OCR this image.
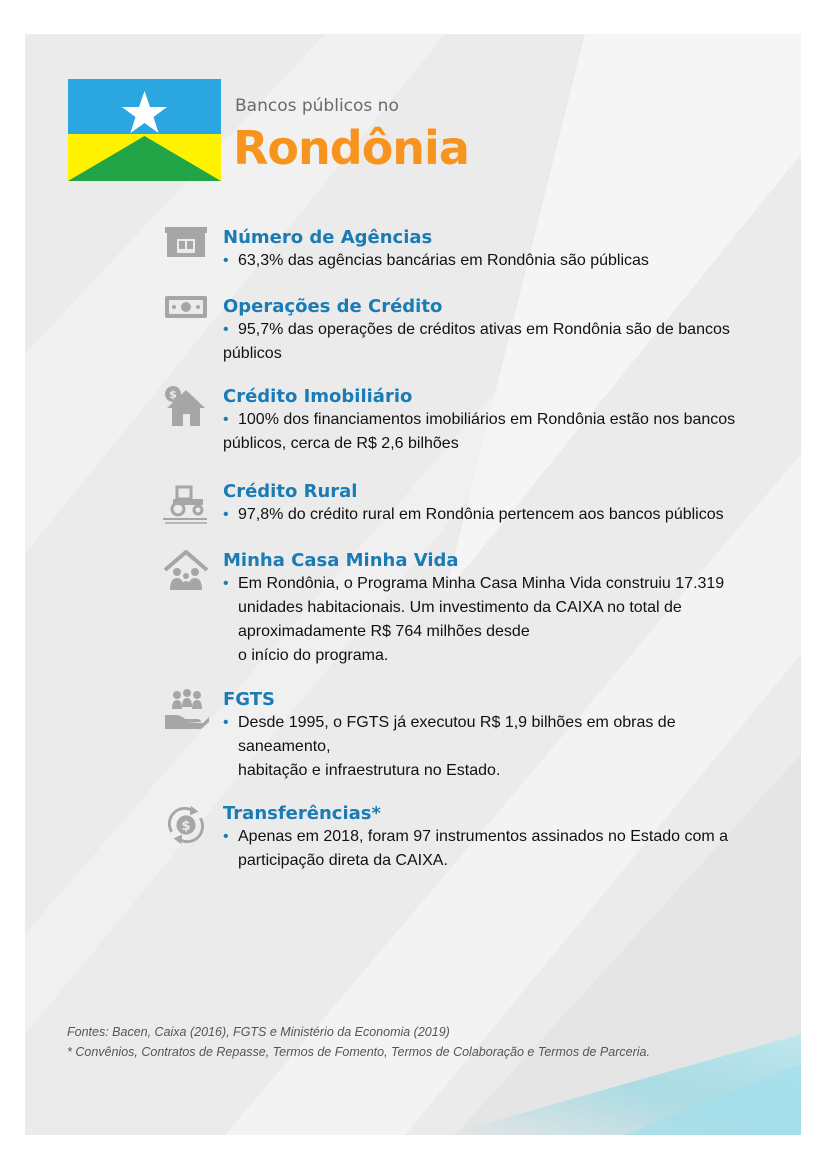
Bancos públicos no
Rondônia
Número de Agências
• 63,3% das agências bancárias em Rondônia são públicas
Operações de Crédito
• 95,7% das operações de créditos ativas em Rondônia são de bancos
públicos
$	Crédito Imobiliário
• 100% dos financiamentos imobiliários em Rondônia estão nos bancos
públicos, cerca de R$ 2,6 bilhões
Crédito Rural
• 97,8% do crédito rural em Rondônia pertencem aos bancos públicos
Minha Casa Minha Vida
• Em Rondônia, o Programa Minha Casa Minha Vida construiu 17.319
unidades habitacionais. Um investimento da CAIXA no total de
aproximadamente R$ 764 milhões desde
o início do programa.
FGTS
• Desde 1995, o FGTS já executou R$ 1,9 bilhões em obras de
saneamento,
habitação e infraestrutura no Estado.
$
Transferências*
• Apenas em 2018, foram 97 instrumentos assinados no Estado com a
participação direta da CAIXA.
Fontes: Bacen, Caixa (2016), FGTS e Ministério da Economia (2019)
* Convênios, Contratos de Repasse, Termos de Fomento, Termos de Colaboração e Termos de Parceria.
